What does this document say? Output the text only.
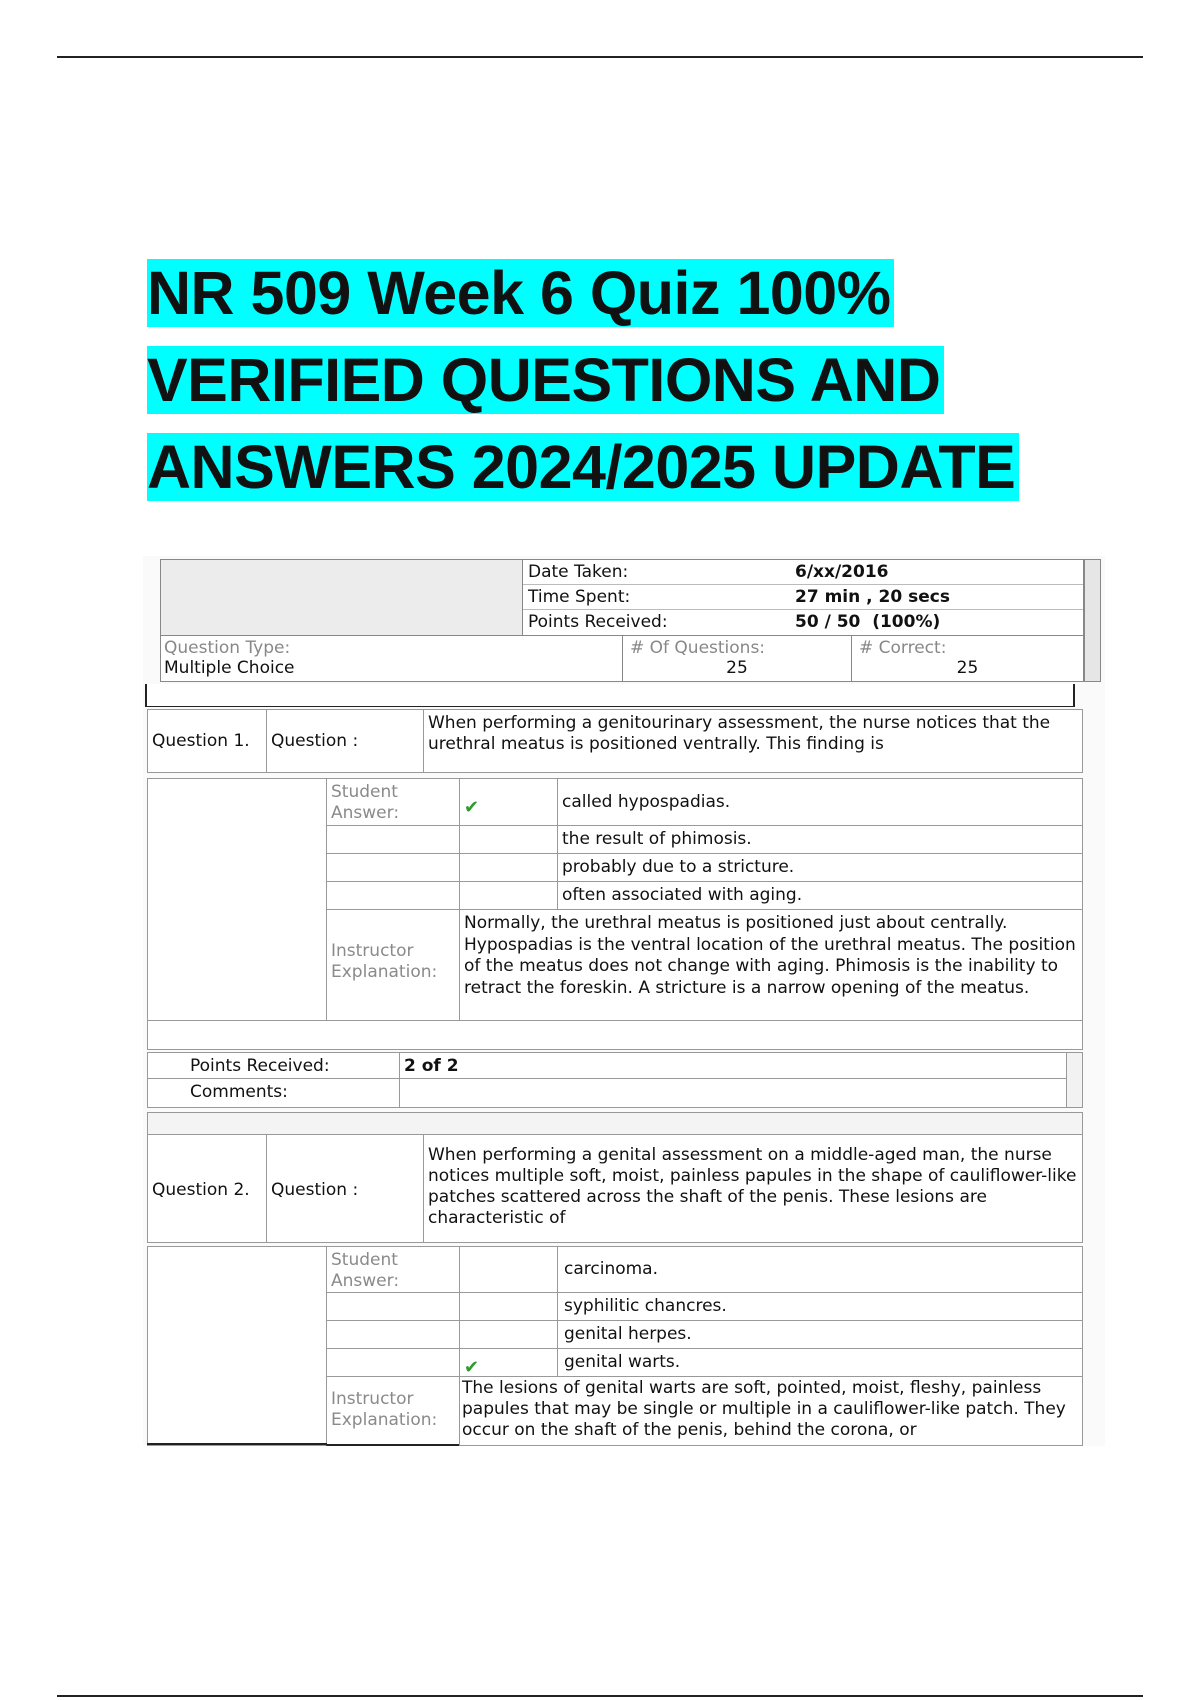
NR 509 Week 6 Quiz 100%
VERIFIED QUESTIONS AND
ANSWERS 2024/2025 UPDATE
Date Taken:	6/xx/2016
Time Spent:	27 min , 20 secs
Points Received:	50 / 50  (100%)
Question Type:
Multiple Choice
# Of Questions:
25
# Correct:
25
Question 1.	Question :
When performing a genitourinary assessment, the nurse notices that the urethral meatus is positioned ventrally. This finding is
Student Answer:	✔	called hypospadias.
the result of phimosis.
probably due to a stricture.
often associated with aging.
Instructor Explanation:
Normally, the urethral meatus is positioned just about centrally. Hypospadias is the ventral location of the urethral meatus. The position of the meatus does not change with aging. Phimosis is the inability to retract the foreskin. A stricture is a narrow opening of the meatus.
Points Received:	2 of 2
Comments:
Question 2.	Question :
When performing a genital assessment on a middle-aged man, the nurse notices multiple soft, moist, painless papules in the shape of cauliflower-like patches scattered across the shaft of the penis. These lesions are characteristic of
Student Answer:
carcinoma.
syphilitic chancres.
genital herpes.
✔	genital warts.
Instructor Explanation:
The lesions of genital warts are soft, pointed, moist, fleshy, painless papules that may be single or multiple in a cauliflower-like patch. They occur on the shaft of the penis, behind the corona, or
